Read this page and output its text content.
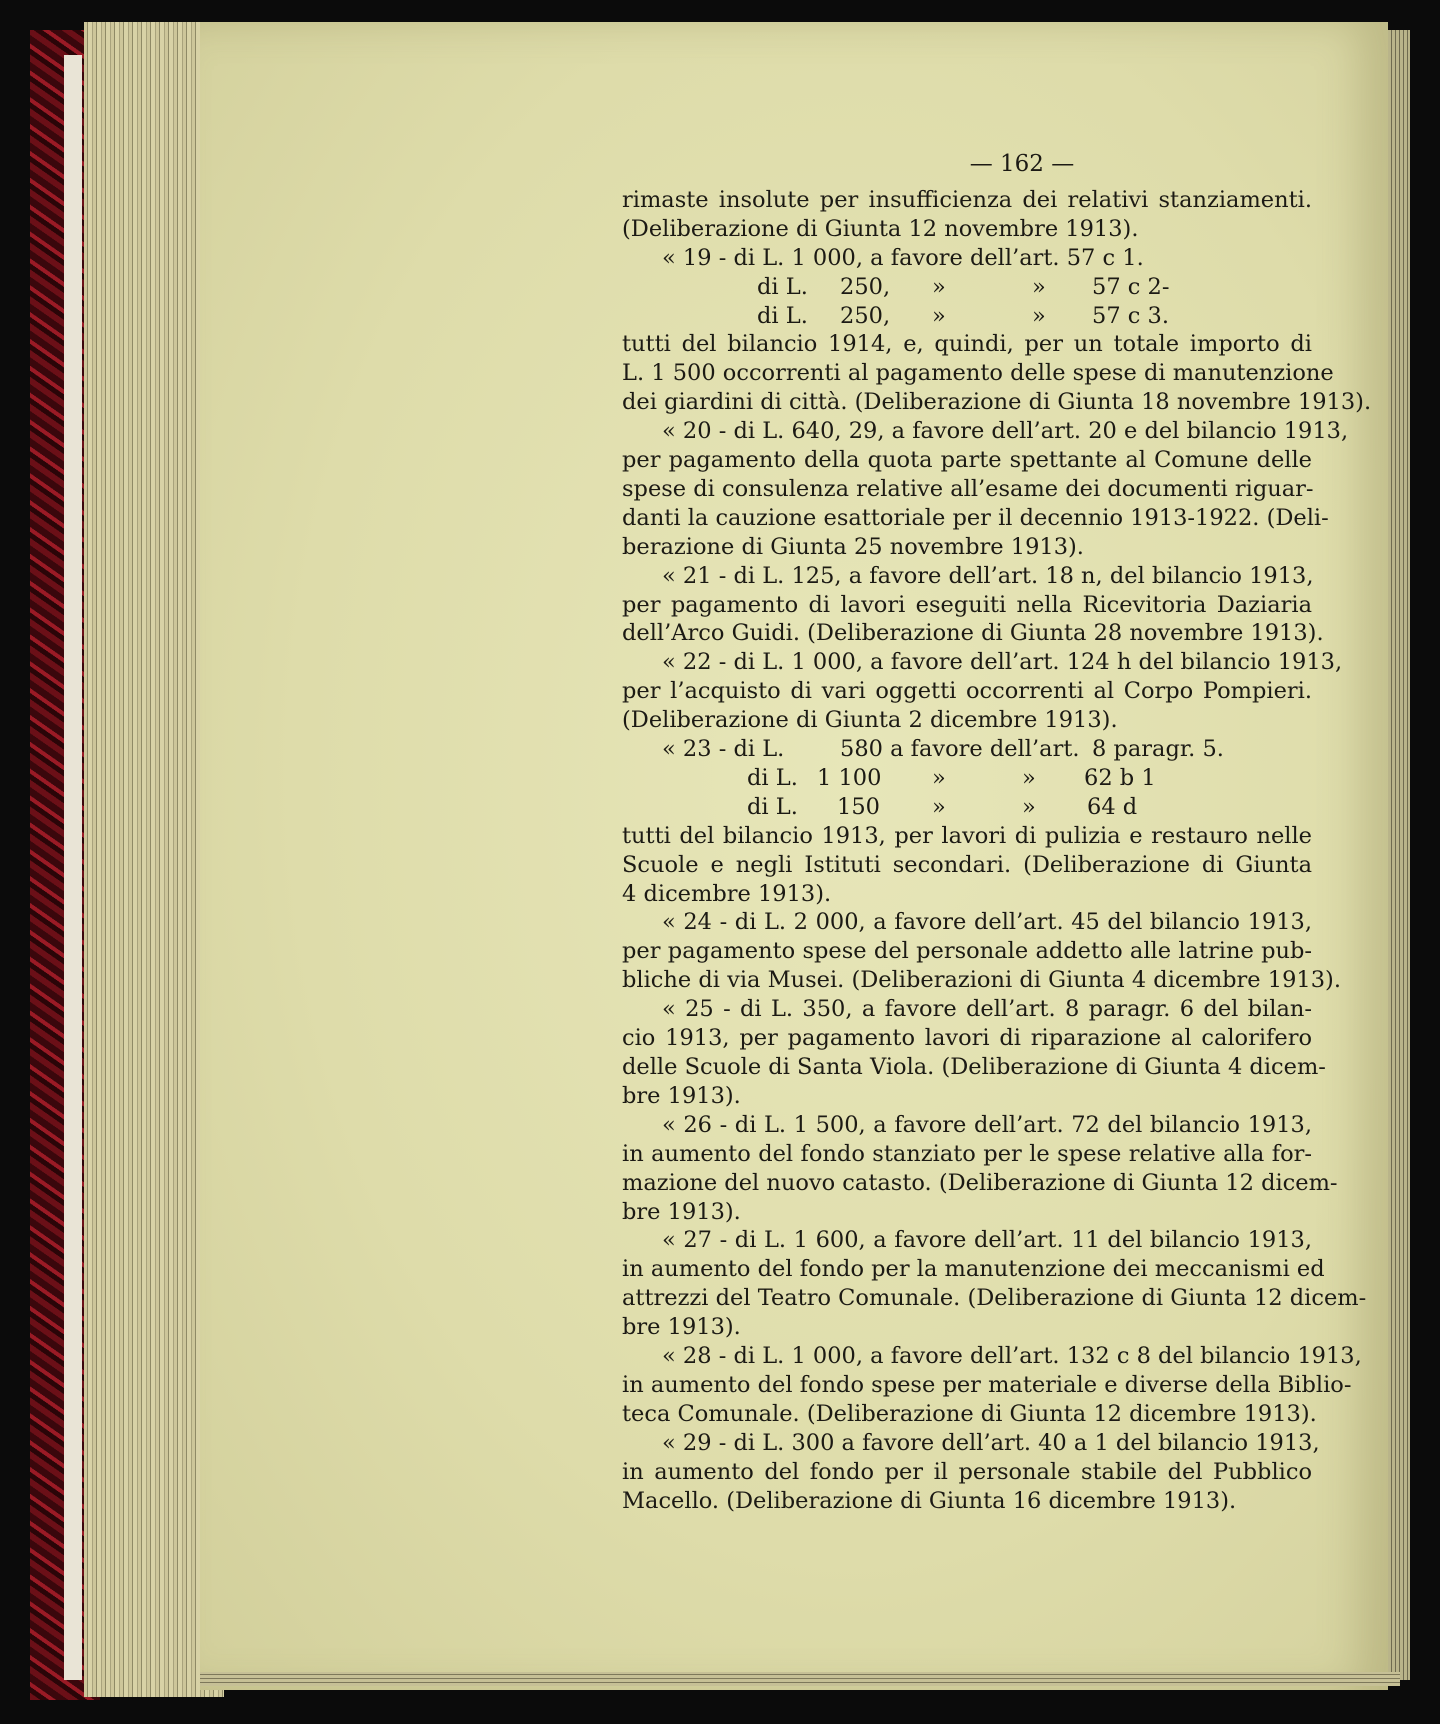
— 162 —
rimaste insolute per insufficienza dei relativi stanziamenti.
(Deliberazione di Giunta 12 novembre 1913).
« 19 - di L. 1 000, a favore dell’art. 57 c 1.
di L. 250, »	» 57 c 2-
di L. 250, »	» 57 c 3.
tutti del bilancio 1914, e, quindi, per un totale importo di
L. 1 500 occorrenti al pagamento delle spese di manutenzione
dei giardini di città. (Deliberazione di Giunta 18 novembre 1913).
« 20 - di L. 640, 29, a favore dell’art. 20 e del bilancio 1913,
per pagamento della quota parte spettante al Comune delle
spese di consulenza relative all’esame dei documenti riguar-
danti la cauzione esattoriale per il decennio 1913-1922. (Deli-
berazione di Giunta 25 novembre 1913).
« 21 - di L. 125, a favore dell’art. 18 n, del bilancio 1913,
per pagamento di lavori eseguiti nella Ricevitoria Daziaria
dell’Arco Guidi. (Deliberazione di Giunta 28 novembre 1913).
« 22 - di L. 1 000, a favore dell’art. 124 h del bilancio 1913,
per l’acquisto di vari oggetti occorrenti al Corpo Pompieri.
(Deliberazione di Giunta 2 dicembre 1913).
« 23 - di L. 580 a favore dell’art. 8 paragr. 5.
di L. 1 100 »	» 62 b 1
di L. 150 »	» 64 d
tutti del bilancio 1913, per lavori di pulizia e restauro nelle
Scuole e negli Istituti secondari. (Deliberazione di Giunta
4 dicembre 1913).
« 24 - di L. 2 000, a favore dell’art. 45 del bilancio 1913,
per pagamento spese del personale addetto alle latrine pub-
bliche di via Musei. (Deliberazioni di Giunta 4 dicembre 1913).
« 25 - di L. 350, a favore dell’art. 8 paragr. 6 del bilan-
cio 1913, per pagamento lavori di riparazione al calorifero
delle Scuole di Santa Viola. (Deliberazione di Giunta 4 dicem-
bre 1913).
« 26 - di L. 1 500, a favore dell’art. 72 del bilancio 1913,
in aumento del fondo stanziato per le spese relative alla for-
mazione del nuovo catasto. (Deliberazione di Giunta 12 dicem-
bre 1913).
« 27 - di L. 1 600, a favore dell’art. 11 del bilancio 1913,
in aumento del fondo per la manutenzione dei meccanismi ed
attrezzi del Teatro Comunale. (Deliberazione di Giunta 12 dicem-
bre 1913).
« 28 - di L. 1 000, a favore dell’art. 132 c 8 del bilancio 1913,
in aumento del fondo spese per materiale e diverse della Biblio-
teca Comunale. (Deliberazione di Giunta 12 dicembre 1913).
« 29 - di L. 300 a favore dell’art. 40 a 1 del bilancio 1913,
in aumento del fondo per il personale stabile del Pubblico
Macello. (Deliberazione di Giunta 16 dicembre 1913).
